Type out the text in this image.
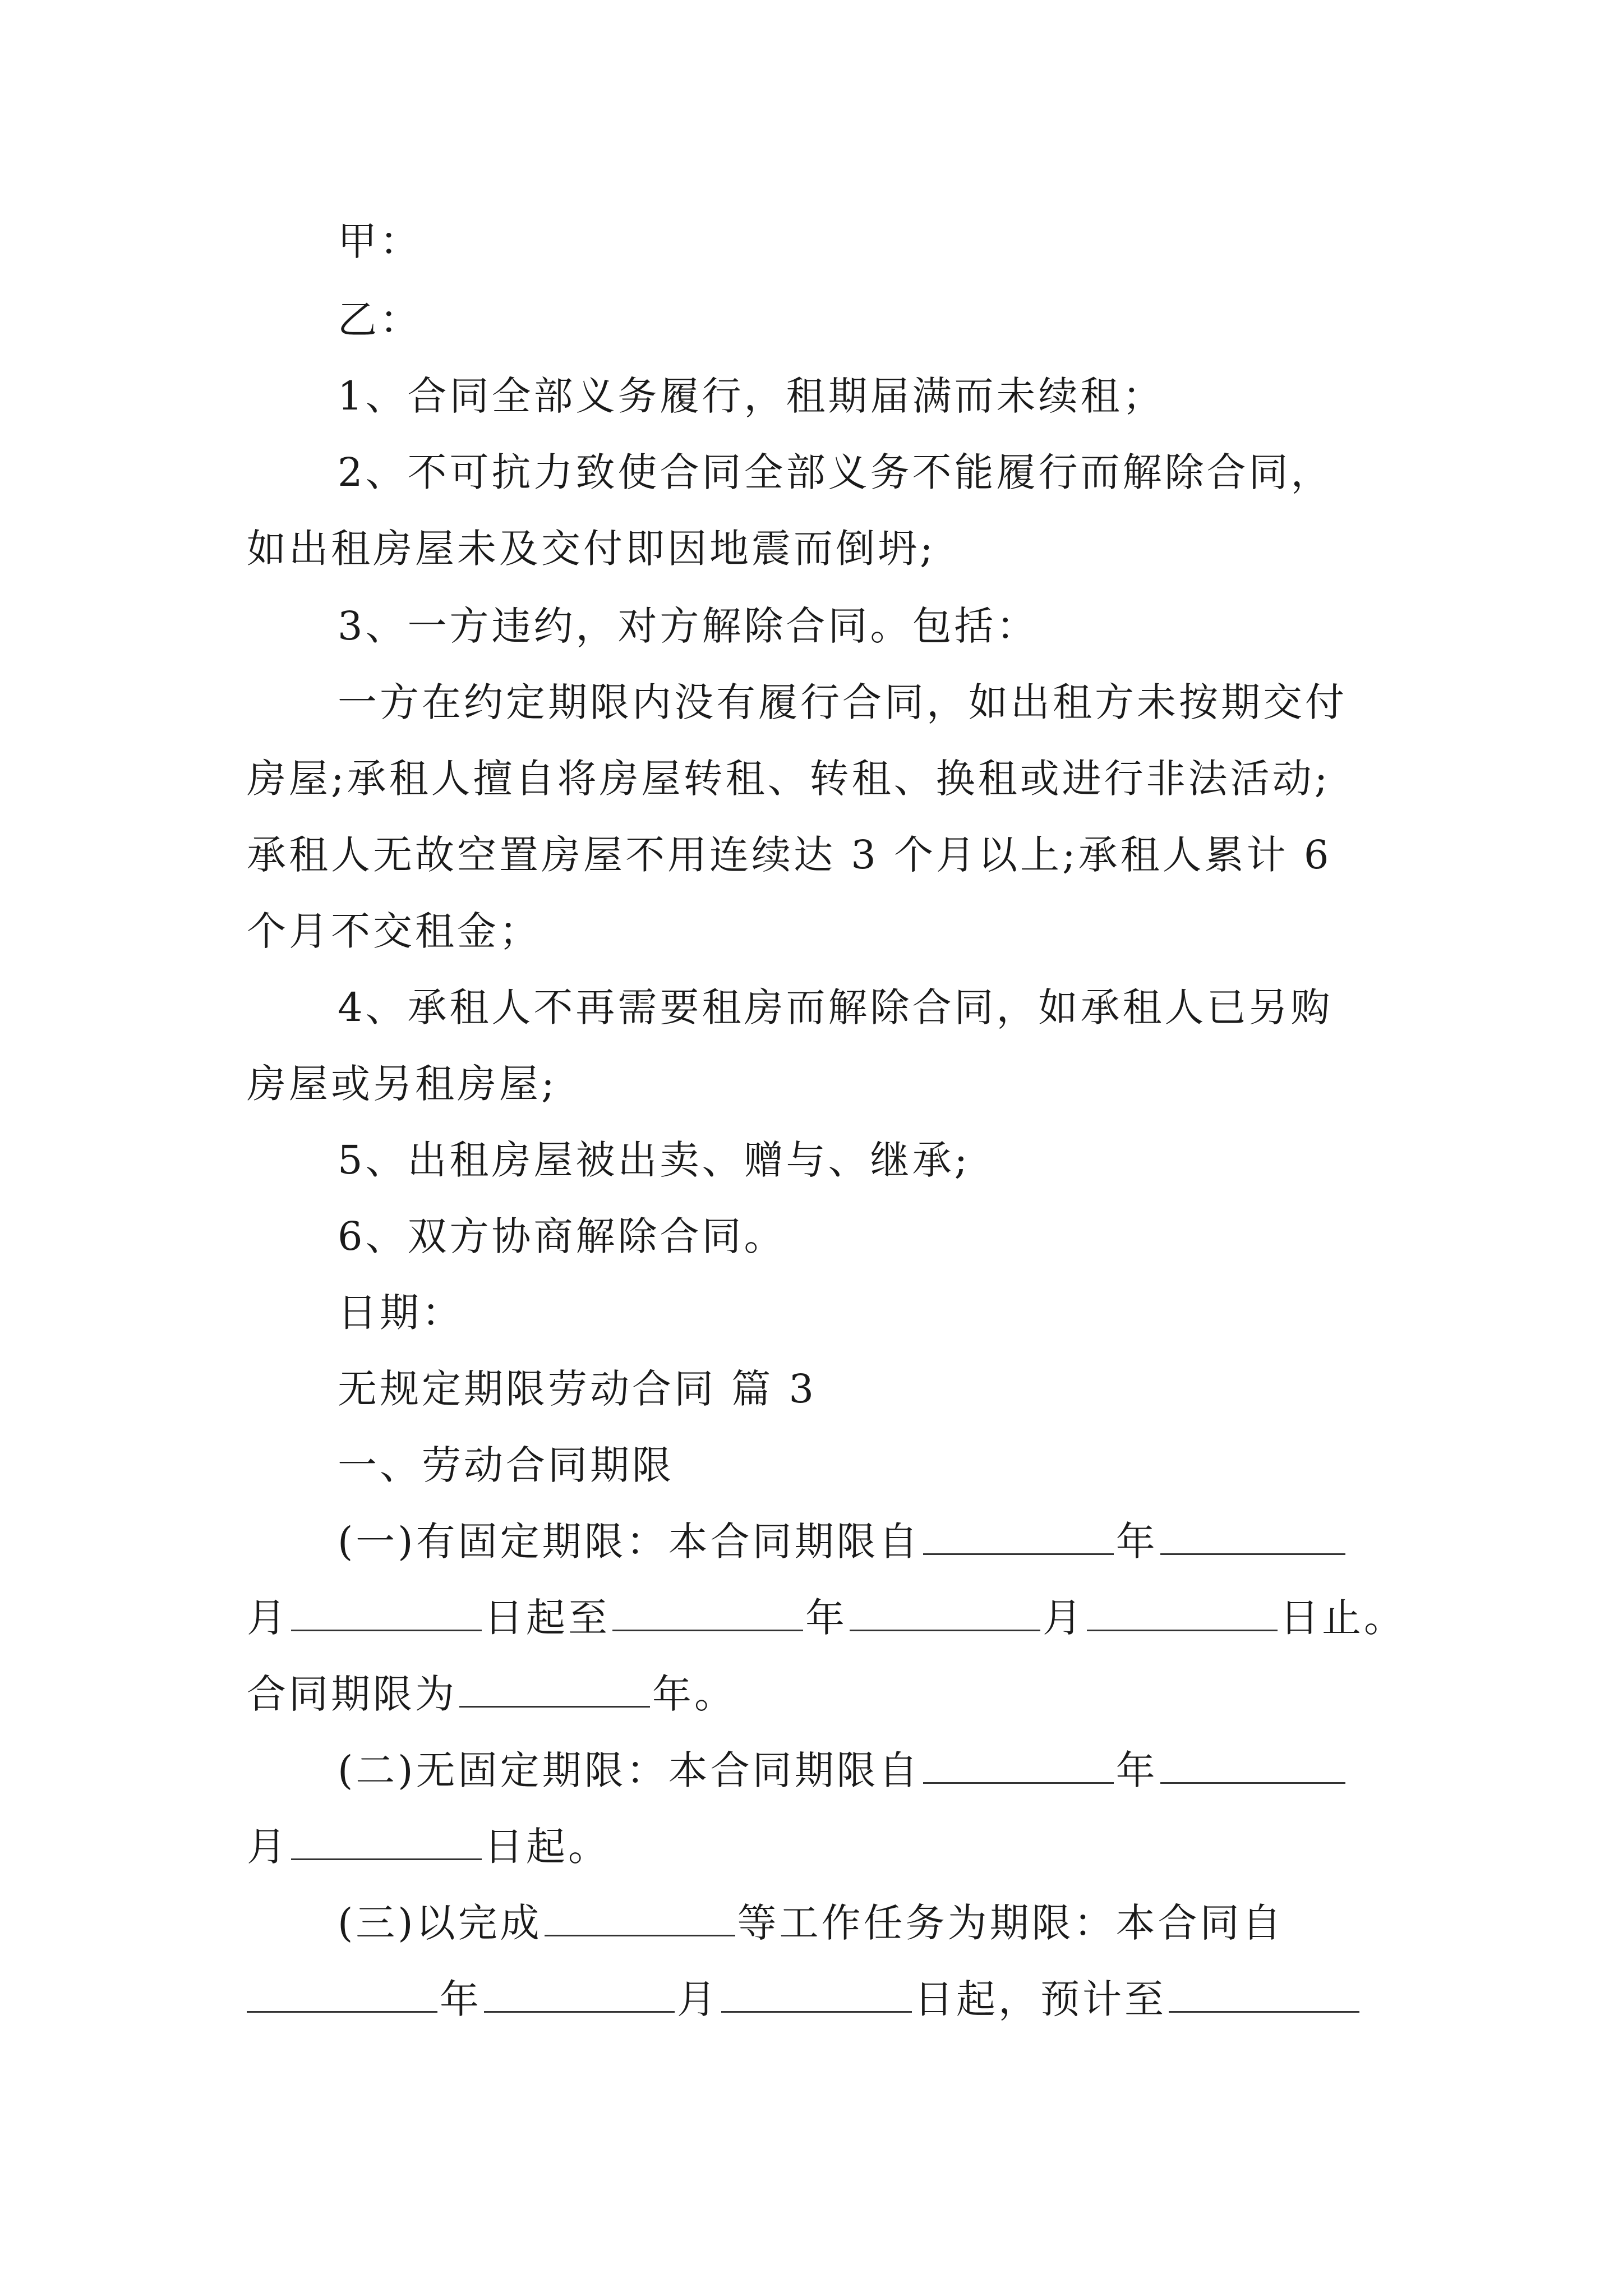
甲：
乙：
1、合同全部义务履行，租期届满而未续租；
2、不可抗力致使合同全部义务不能履行而解除合同，
如出租房屋未及交付即因地震而倒坍;
3、一方违约，对方解除合同。包括：
一方在约定期限内没有履行合同，如出租方未按期交付
房屋;承租人擅自将房屋转租、转租、换租或进行非法活动;
承租人无故空置房屋不用连续达 3 个月以上;承租人累计 6
个月不交租金；
4、承租人不再需要租房而解除合同，如承租人已另购
房屋或另租房屋;
5、出租房屋被出卖、赠与、继承;
6、双方协商解除合同。
日期：
无规定期限劳动合同 篇 3
一、劳动合同期限
(一)有固定期限：本合同期限自	年
月	日起至	年	月	日止。
合同期限为	年。
(二)无固定期限：本合同期限自	年
月	日起。
(三)以完成	等工作任务为期限：本合同自
年	月	日起，预计至
